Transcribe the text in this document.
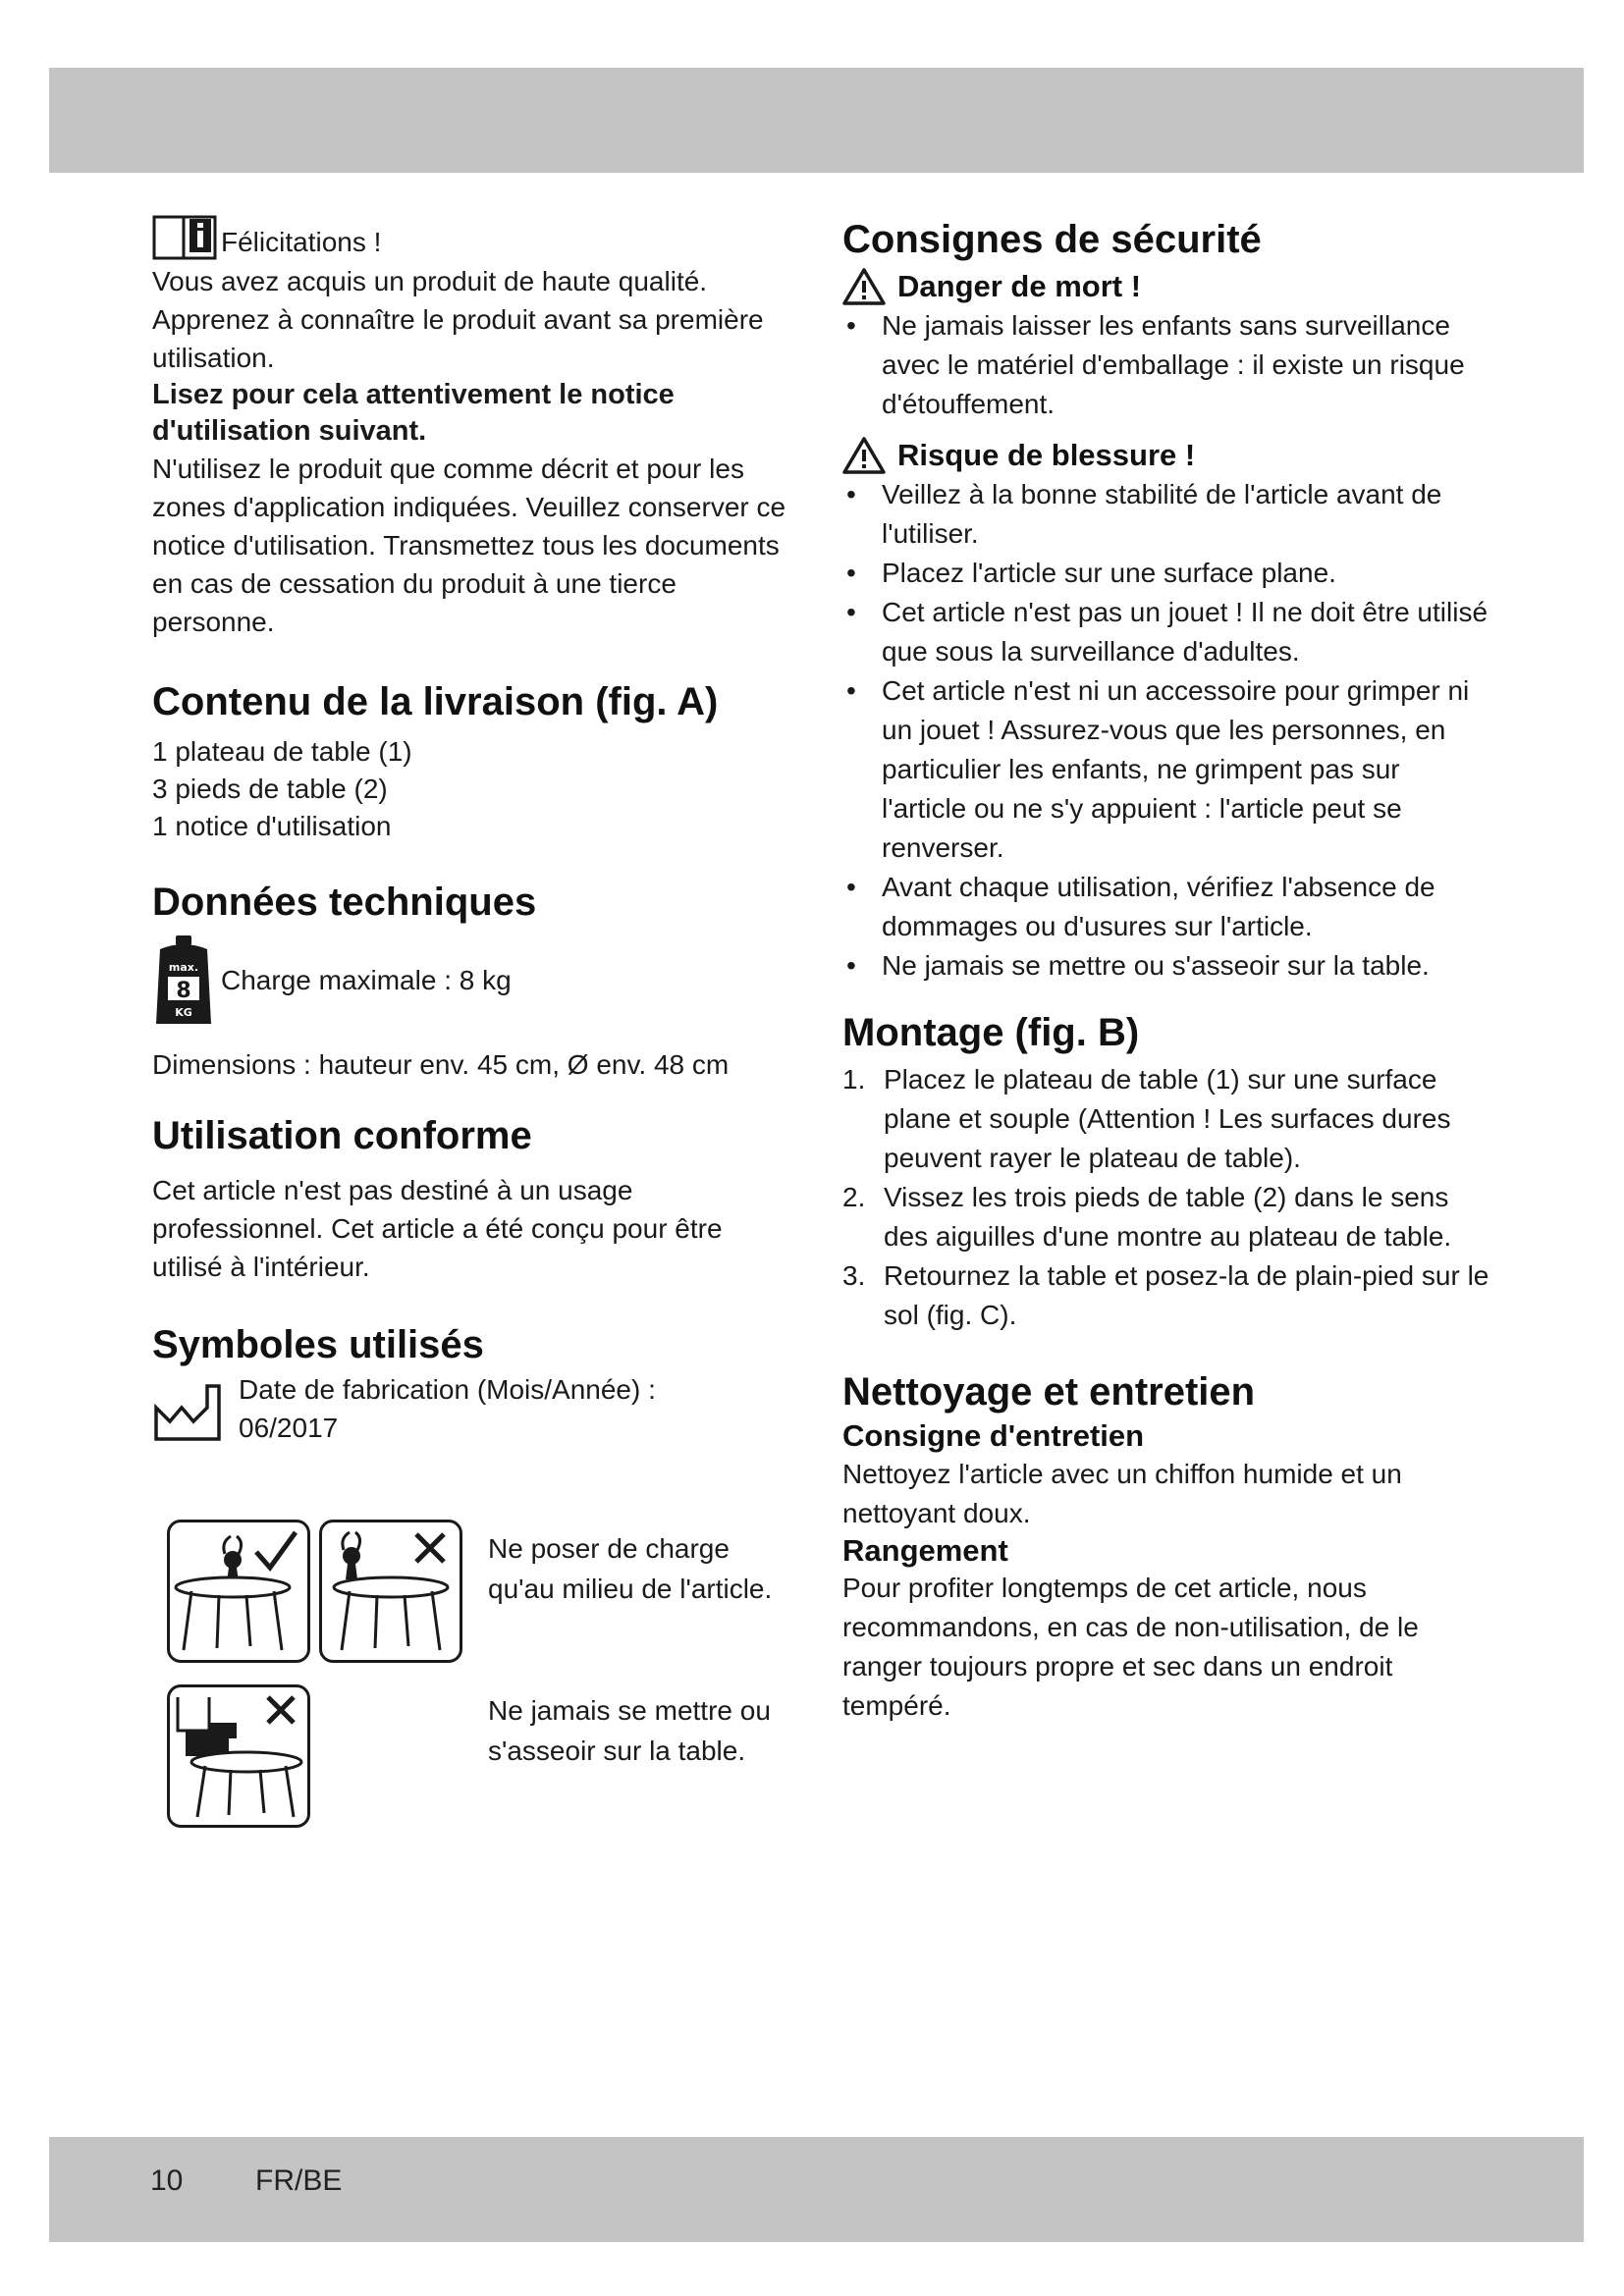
Félicitations !

Vous avez acquis un produit de haute qualité. Apprenez à connaître le produit avant sa première utilisation.

Lisez pour cela attentivement le notice d'utilisation suivant.

N'utilisez le produit que comme décrit et pour les zones d'application indiquées. Veuillez conserver ce notice d'utilisation. Transmettez tous les documents en cas de cessation du produit à une tierce personne.

Contenu de la livraison (fig. A)

1 plateau de table (1)

3 pieds de table (2)

1 notice d'utilisation

Données techniques
max.
8
KG

Charge maximale : 8 kg

Dimensions : hauteur env. 45 cm, Ø env. 48 cm

Utilisation conforme

Cet article n'est pas destiné à un usage professionnel. Cet article a été conçu pour être utilisé à l'intérieur.

Symboles utilisés

Date de fabrication (Mois/Année) : 06/2017

Ne poser de charge qu'au milieu de l'article.

Ne jamais se mettre ou s'asseoir sur la table.

Consignes de sécurité
Danger de mort !
• Ne jamais laisser les enfants sans surveillance avec le matériel d'emballage : il existe un risque d'étouffement.
Risque de blessure !
• Veillez à la bonne stabilité de l'article avant de l'utiliser.
• Placez l'article sur une surface plane.
• Cet article n'est pas un jouet ! Il ne doit être utilisé que sous la surveillance d'adultes.
• Cet article n'est ni un accessoire pour grimper ni un jouet ! Assurez-vous que les personnes, en particulier les enfants, ne grimpent pas sur l'article ou ne s'y appuient : l'article peut se renverser.
• Avant chaque utilisation, vérifiez l'absence de dommages ou d'usures sur l'article.
• Ne jamais se mettre ou s'asseoir sur la table.
Montage (fig. B)
1. Placez le plateau de table (1) sur une surface plane et souple (Attention ! Les surfaces dures peuvent rayer le plateau de table).
2. Vissez les trois pieds de table (2) dans le sens des aiguilles d'une montre au plateau de table.
3. Retournez la table et posez-la de plain-pied sur le sol (fig. C).
Nettoyage et entretien
Consigne d'entretien

Nettoyez l'article avec un chiffon humide et un nettoyant doux.

Rangement

Pour profiter longtemps de cet article, nous recommandons, en cas de non-utilisation, de le ranger toujours propre et sec dans un endroit tempéré.

10 FR/BE
